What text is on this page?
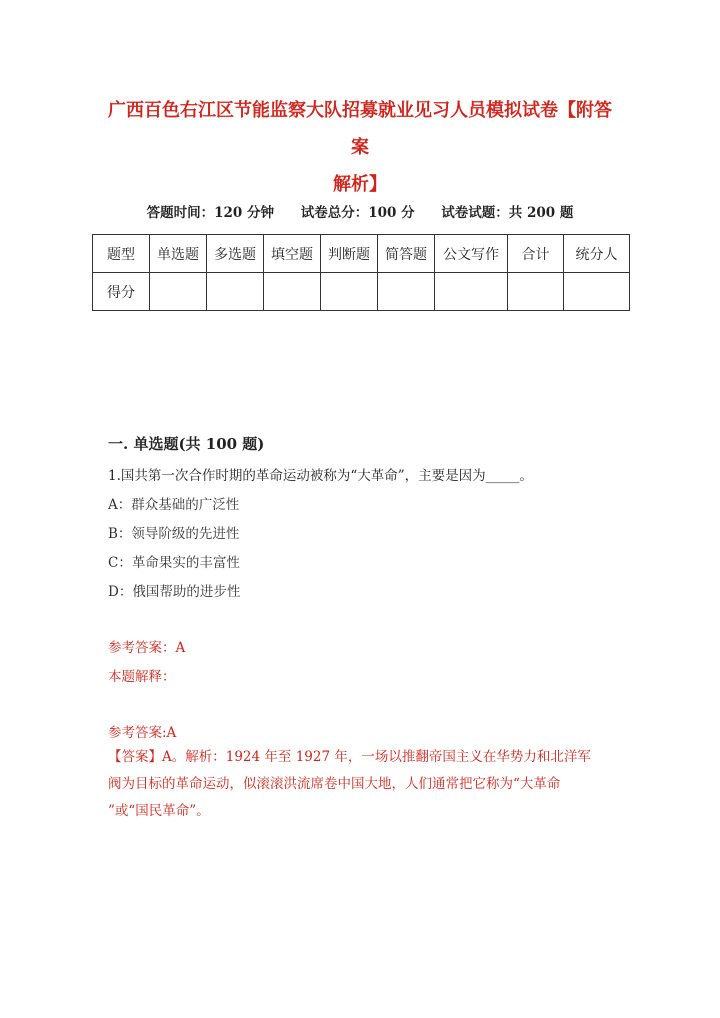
广西百色右江区节能监察大队招募就业见习人员模拟试卷【附答案
解析】
答题时间：120 分钟 试卷总分：100 分 试卷试题：共 200 题
题型	单选题	多选题	填空题	判断题	简答题	公文写作	合计	统分人
得分								
一. 单选题(共 100 题)
1.国共第一次合作时期的革命运动被称为“大革命”，主要是因为_____。
A：群众基础的广泛性
B：领导阶级的先进性
C：革命果实的丰富性
D：俄国帮助的进步性
参考答案：A
本题解释：
参考答案:A
【答案】A。解析：1924 年至 1927 年，一场以推翻帝国主义在华势力和北洋军
阀为目标的革命运动，似滚滚洪流席卷中国大地，人们通常把它称为“大革命
”或“国民革命”。
